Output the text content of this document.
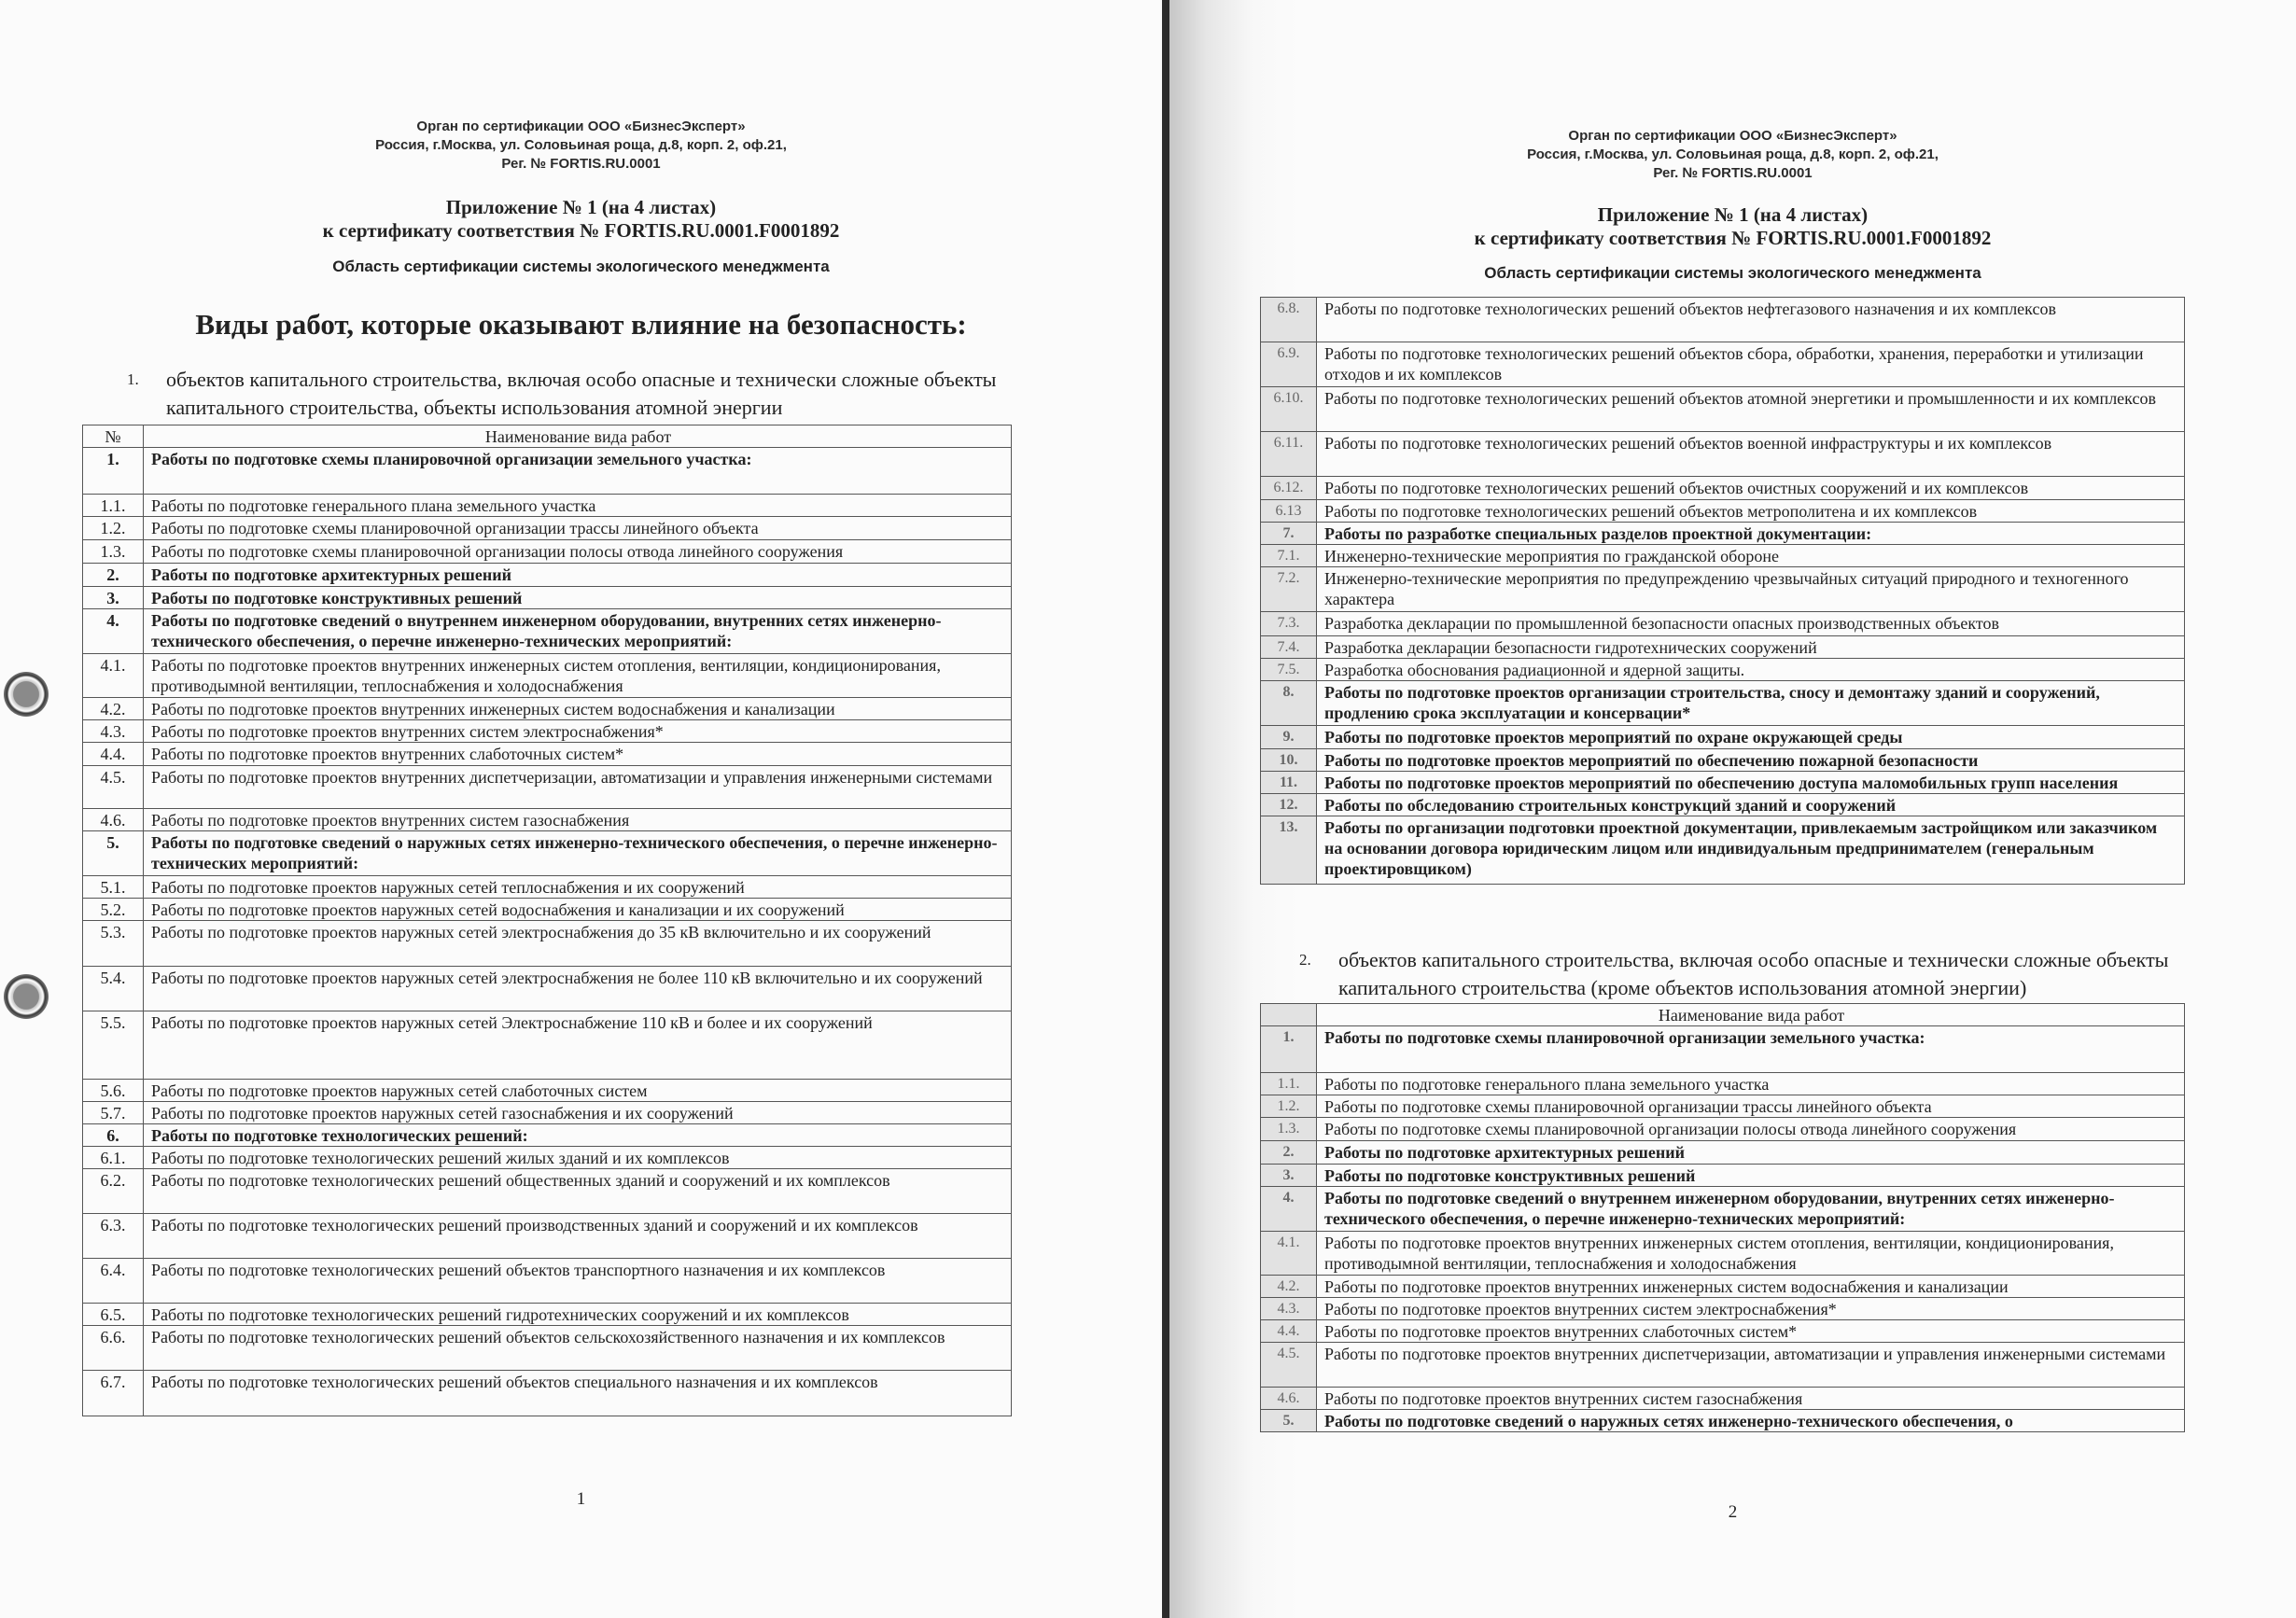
Орган по сертификации ООО «БизнесЭксперт»
Россия, г.Москва, ул. Соловьиная роща, д.8, корп. 2, оф.21,
Рег. № FORTIS.RU.0001
Приложение № 1 (на 4 листах)
к сертификату соответствия № FORTIS.RU.0001.F0001892
Область сертификации системы экологического менеджмента
Виды работ, которые оказывают влияние на безопасность:
1. объектов капитального строительства, включая особо опасные и технически сложные объекты
капитального строительства, объекты использования атомной энергии
№	Наименование вида работ
1.	Работы по подготовке схемы планировочной организации земельного участка:
1.1.	Работы по подготовке генерального плана земельного участка
1.2.	Работы по подготовке схемы планировочной организации трассы линейного объекта
1.3.	Работы по подготовке схемы планировочной организации полосы отвода линейного сооружения
2.	Работы по подготовке архитектурных решений
3.	Работы по подготовке конструктивных решений
4.	Работы по подготовке сведений о внутреннем инженерном оборудовании, внутренних сетях инженерно-технического обеспечения, о перечне инженерно-технических мероприятий:
4.1.	Работы по подготовке проектов внутренних инженерных систем отопления, вентиляции, кондиционирования, противодымной вентиляции, теплоснабжения и холодоснабжения
4.2.	Работы по подготовке проектов внутренних инженерных систем водоснабжения и канализации
4.3.	Работы по подготовке проектов внутренних систем электроснабжения*
4.4.	Работы по подготовке проектов внутренних слаботочных систем*
4.5.	Работы по подготовке проектов внутренних диспетчеризации, автоматизации и управления инженерными системами
4.6.	Работы по подготовке проектов внутренних систем газоснабжения
5.	Работы по подготовке сведений о наружных сетях инженерно-технического обеспечения, о перечне инженерно-технических мероприятий:
5.1.	Работы по подготовке проектов наружных сетей теплоснабжения и их сооружений
5.2.	Работы по подготовке проектов наружных сетей водоснабжения и канализации и их сооружений
5.3.	Работы по подготовке проектов наружных сетей электроснабжения до 35 кВ включительно и их сооружений
5.4.	Работы по подготовке проектов наружных сетей электроснабжения не более 110 кВ включительно и их сооружений
5.5.	Работы по подготовке проектов наружных сетей Электроснабжение 110 кВ и более и их сооружений
5.6.	Работы по подготовке проектов наружных сетей слаботочных систем
5.7.	Работы по подготовке проектов наружных сетей газоснабжения и их сооружений
6.	Работы по подготовке технологических решений:
6.1.	Работы по подготовке технологических решений жилых зданий и их комплексов
6.2.	Работы по подготовке технологических решений общественных зданий и сооружений и их комплексов
6.3.	Работы по подготовке технологических решений производственных зданий и сооружений и их комплексов
6.4.	Работы по подготовке технологических решений объектов транспортного назначения и их комплексов
6.5.	Работы по подготовке технологических решений гидротехнических сооружений и их комплексов
6.6.	Работы по подготовке технологических решений объектов сельскохозяйственного назначения и их комплексов
6.7.	Работы по подготовке технологических решений объектов специального назначения и их комплексов
1
Орган по сертификации ООО «БизнесЭксперт»
Россия, г.Москва, ул. Соловьиная роща, д.8, корп. 2, оф.21,
Рег. № FORTIS.RU.0001
Приложение № 1 (на 4 листах)
к сертификату соответствия № FORTIS.RU.0001.F0001892
Область сертификации системы экологического менеджмента
6.8.	Работы по подготовке технологических решений объектов нефтегазового назначения и их комплексов
6.9.	Работы по подготовке технологических решений объектов сбора, обработки, хранения, переработки и утилизации отходов и их комплексов
6.10.	Работы по подготовке технологических решений объектов атомной энергетики и промышленности и их комплексов
6.11.	Работы по подготовке технологических решений объектов военной инфраструктуры и их комплексов
6.12.	Работы по подготовке технологических решений объектов очистных сооружений и их комплексов
6.13	Работы по подготовке технологических решений объектов метрополитена и их комплексов
7.	Работы по разработке специальных разделов проектной документации:
7.1.	Инженерно-технические мероприятия по гражданской обороне
7.2.	Инженерно-технические мероприятия по предупреждению чрезвычайных ситуаций природного и техногенного характера
7.3.	Разработка декларации по промышленной безопасности опасных производственных объектов
7.4.	Разработка декларации безопасности гидротехнических сооружений
7.5.	Разработка обоснования радиационной и ядерной защиты.
8.	Работы по подготовке проектов организации строительства, сносу и демонтажу зданий и сооружений, продлению срока эксплуатации и консервации*
9.	Работы по подготовке проектов мероприятий по охране окружающей среды
10.	Работы по подготовке проектов мероприятий по обеспечению пожарной безопасности
11.	Работы по подготовке проектов мероприятий по обеспечению доступа маломобильных групп населения
12.	Работы по обследованию строительных конструкций зданий и сооружений
13.	Работы по организации подготовки проектной документации, привлекаемым застройщиком или заказчиком на основании договора юридическим лицом или индивидуальным предпринимателем (генеральным проектировщиком)
2. объектов капитального строительства, включая особо опасные и технически сложные объекты
капитального строительства (кроме объектов использования атомной энергии)
	Наименование вида работ
1.	Работы по подготовке схемы планировочной организации земельного участка:
1.1.	Работы по подготовке генерального плана земельного участка
1.2.	Работы по подготовке схемы планировочной организации трассы линейного объекта
1.3.	Работы по подготовке схемы планировочной организации полосы отвода линейного сооружения
2.	Работы по подготовке архитектурных решений
3.	Работы по подготовке конструктивных решений
4.	Работы по подготовке сведений о внутреннем инженерном оборудовании, внутренних сетях инженерно-технического обеспечения, о перечне инженерно-технических мероприятий:
4.1.	Работы по подготовке проектов внутренних инженерных систем отопления, вентиляции, кондиционирования, противодымной вентиляции, теплоснабжения и холодоснабжения
4.2.	Работы по подготовке проектов внутренних инженерных систем водоснабжения и канализации
4.3.	Работы по подготовке проектов внутренних систем электроснабжения*
4.4.	Работы по подготовке проектов внутренних слаботочных систем*
4.5.	Работы по подготовке проектов внутренних диспетчеризации, автоматизации и управления инженерными системами
4.6.	Работы по подготовке проектов внутренних систем газоснабжения
5.	Работы по подготовке сведений о наружных сетях инженерно-технического обеспечения, о
2
